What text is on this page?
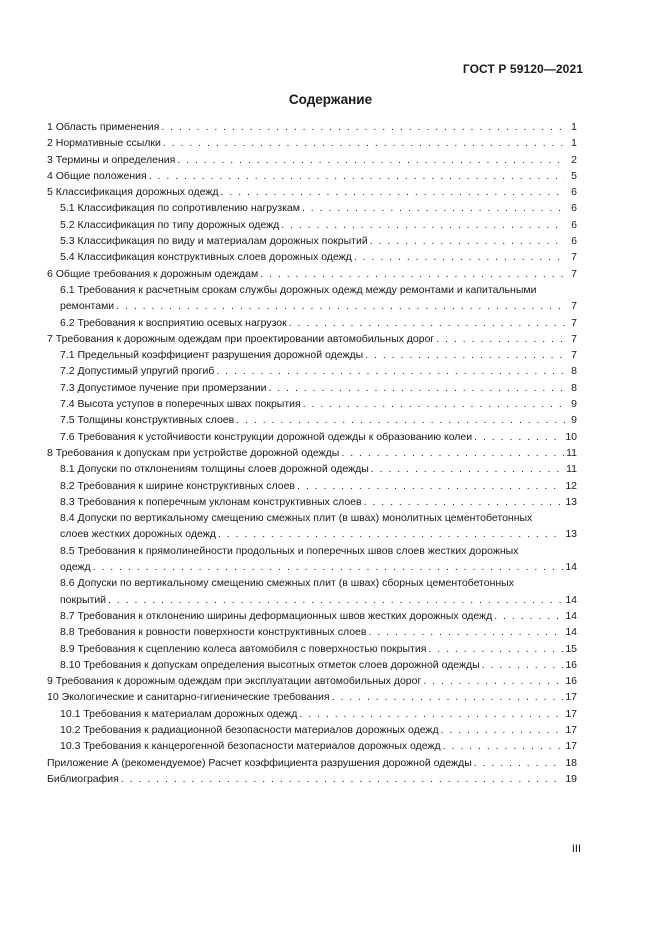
ГОСТ Р 59120—2021
Содержание
1 Область применения . . .	1
2 Нормативные ссылки . . .	1
3 Термины и определения . . .	2
4 Общие положения . . .	5
5 Классификация дорожных одежд . . .	6
5.1 Классификация по сопротивлению нагрузкам . . .	6
5.2 Классификация по типу дорожных одежд . . .	6
5.3 Классификация по виду и материалам дорожных покрытий . . .	6
5.4 Классификация конструктивных слоев дорожных одежд . . .	7
6 Общие требования к дорожным одеждам . . .	7
6.1 Требования к расчетным срокам службы дорожных одежд между ремонтами и капитальными
ремонтами . . .	7
6.2 Требования к восприятию осевых нагрузок . . .	7
7 Требования к дорожным одеждам при проектировании автомобильных дорог . . .	7
7.1 Предельный коэффициент разрушения дорожной одежды . . .	7
7.2 Допустимый упругий прогиб . . .	8
7.3 Допустимое пучение при промерзании . . .	8
7.4 Высота уступов в поперечных швах покрытия . . .	9
7.5 Толщины конструктивных слоев . . .	9
7.6 Требования к устойчивости конструкции дорожной одежды к образованию колеи . . .	10
8 Требования к допускам при устройстве дорожной одежды . . .	11
8.1 Допуски по отклонениям толщины слоев дорожной одежды . . .	11
8.2 Требования к ширине конструктивных слоев . . .	12
8.3 Требования к поперечным уклонам конструктивных слоев . . .	13
8.4 Допуски по вертикальному смещению смежных плит (в швах) монолитных цементобетонных
слоев жестких дорожных одежд . . .	13
8.5 Требования к прямолинейности продольных и поперечных швов слоев жестких дорожных
одежд . . .	14
8.6 Допуски по вертикальному смещению смежных плит (в швах) сборных цементобетонных
покрытий . . .	14
8.7 Требования к отклонению ширины деформационных швов жестких дорожных одежд . . .	14
8.8 Требования к ровности поверхности конструктивных слоев . . .	14
8.9 Требования к сцеплению колеса автомобиля с поверхностью покрытия . . .	15
8.10 Требования к допускам определения высотных отметок слоев дорожной одежды . . .	16
9 Требования к дорожным одеждам при эксплуатации автомобильных дорог . . .	16
10 Экологические и санитарно-гигиенические требования . . .	17
10.1 Требования к материалам дорожных одежд . . .	17
10.2 Требования к радиационной безопасности материалов дорожных одежд . . .	17
10.3 Требования к канцерогенной безопасности материалов дорожных одежд . . .	17
Приложение А (рекомендуемое) Расчет коэффициента разрушения дорожной одежды . . .	18
Библиография . . .	19
III
